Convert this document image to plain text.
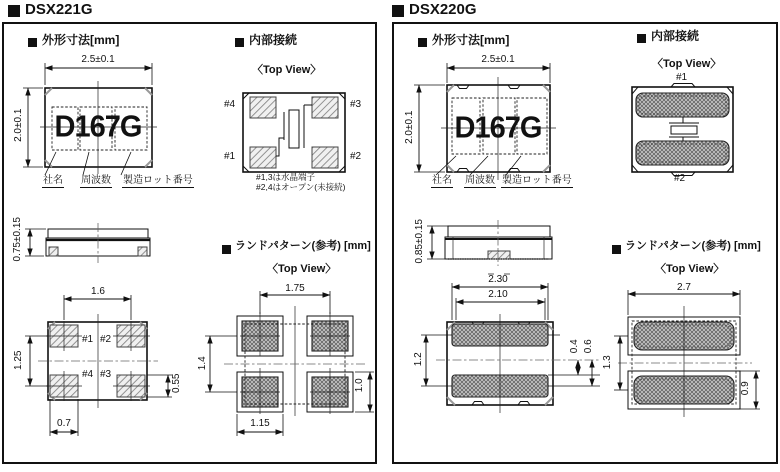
DSX221G
外形寸法[mm]	内部接続
2.5±0.1
2.0±0.1 D167G
社名 周波数 製造ロット番号
〈Top View〉
#4	#3
#1	#2
#1,3は水晶端子
#2,4はオープン(未接続)
0.75±0.15
1.6
1.25
0.7
0.55
#1 #2
#4 #3
ランドパターン(参考) [mm]
〈Top View〉
1.75
1.4
1.15
1.0
DSX220G
外形寸法[mm]	内部接続
2.5±0.1
2.0±0.1 D167G
社名 周波数 製造ロット番号
〈Top View〉
#1
#2
0.85±0.15
2.30
2.10
1.2
0.4 0.6
ランドパターン(参考) [mm]
〈Top View〉
2.7
1.3
0.9
